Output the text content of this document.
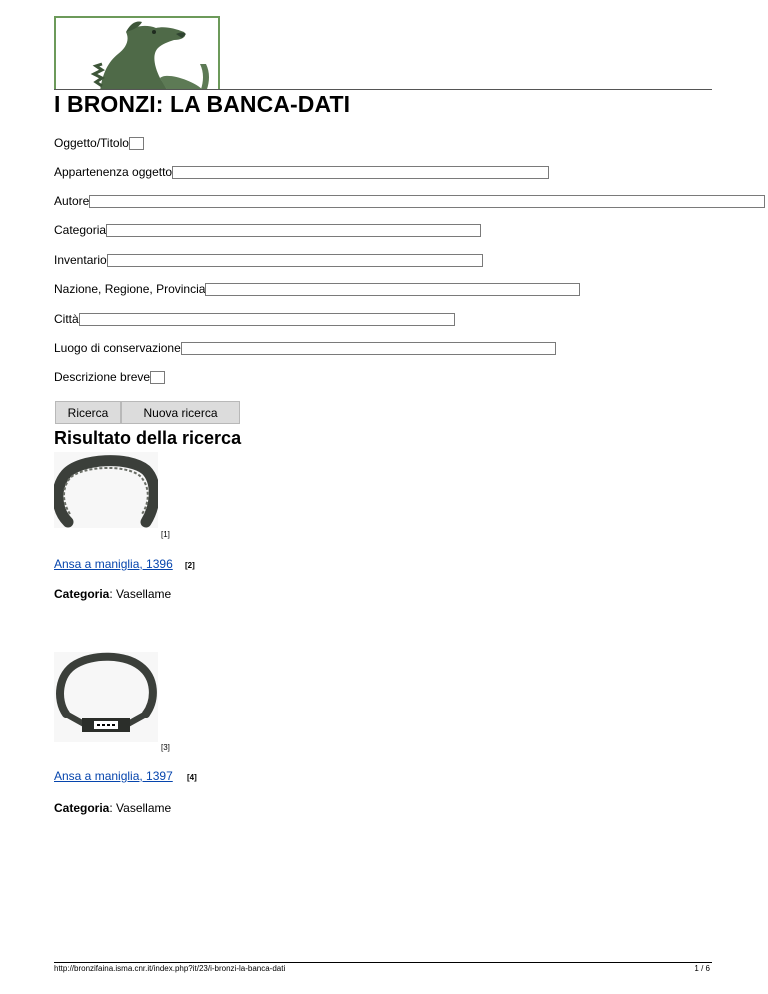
I BRONZI: LA BANCA-DATI
Oggetto/Titolo
Appartenenza oggetto
Autore
Categoria
Inventario
Nazione, Regione, Provincia
Città
Luogo di conservazione
Descrizione breve
Ricerca	Nuova ricerca
Risultato della ricerca
[1]
Ansa a maniglia, 1396 [2]
Categoria: Vasellame
[3]
Ansa a maniglia, 1397 [4]
Categoria: Vasellame
http://bronzifaina.isma.cnr.it/index.php?it/23/i-bronzi-la-banca-dati	1 / 6
